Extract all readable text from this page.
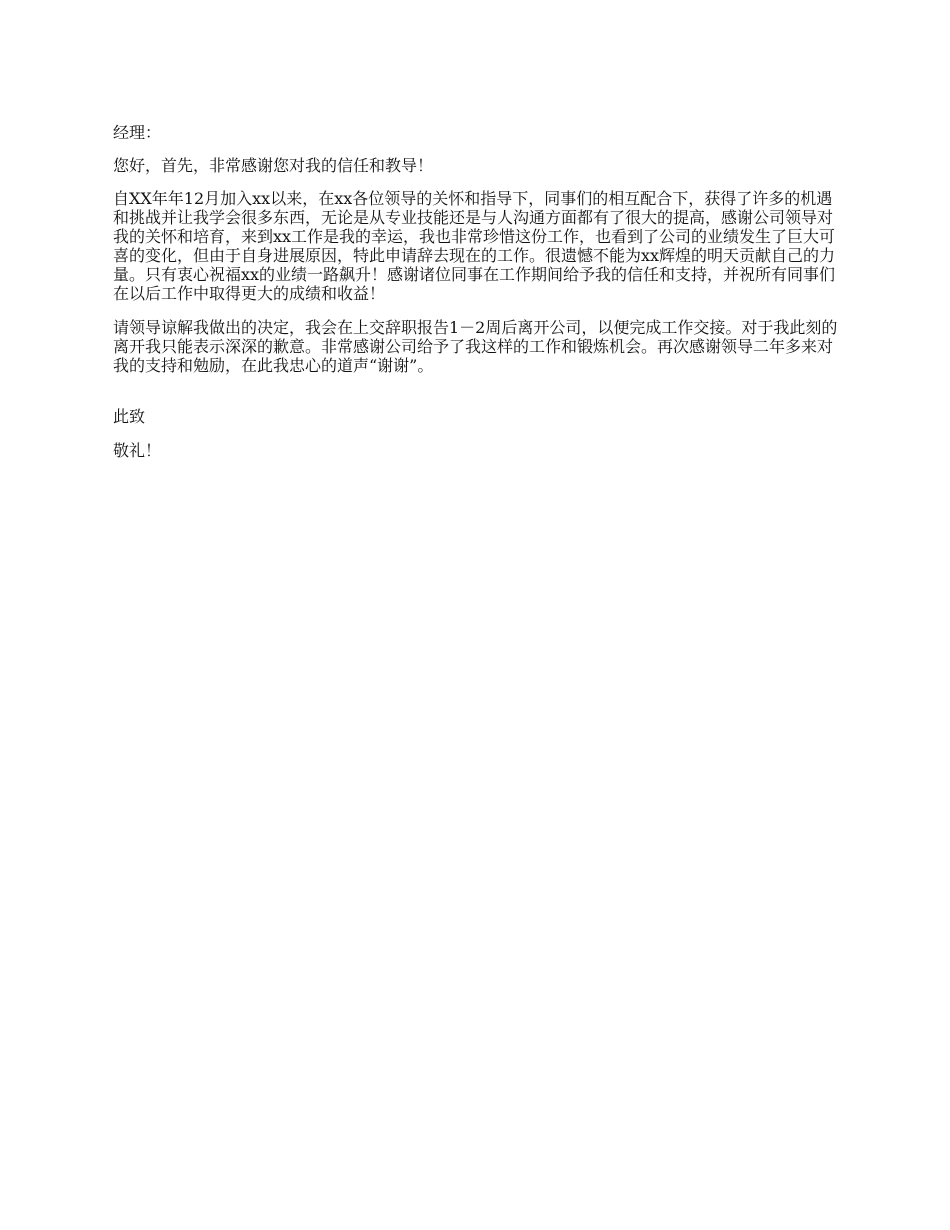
经理：

您好，首先，非常感谢您对我的信任和教导！

自XX年年12月加入xx以来，在xx各位领导的关怀和指导下，同事们的相互配合下，获得了许多的机遇和挑战并让我学会很多东西，无论是从专业技能还是与人沟通方面都有了很大的提高，感谢公司领导对我的关怀和培育，来到xx工作是我的幸运，我也非常珍惜这份工作，也看到了公司的业绩发生了巨大可喜的变化，但由于自身进展原因，特此申请辞去现在的工作。很遗憾不能为xx辉煌的明天贡献自己的力量。只有衷心祝福xx的业绩一路飙升！感谢诸位同事在工作期间给予我的信任和支持，并祝所有同事们在以后工作中取得更大的成绩和收益！

请领导谅解我做出的决定，我会在上交辞职报告1－2周后离开公司，以便完成工作交接。对于我此刻的离开我只能表示深深的歉意。非常感谢公司给予了我这样的工作和锻炼机会。再次感谢领导二年多来对我的支持和勉励，在此我忠心的道声“谢谢”。

此致

敬礼！
